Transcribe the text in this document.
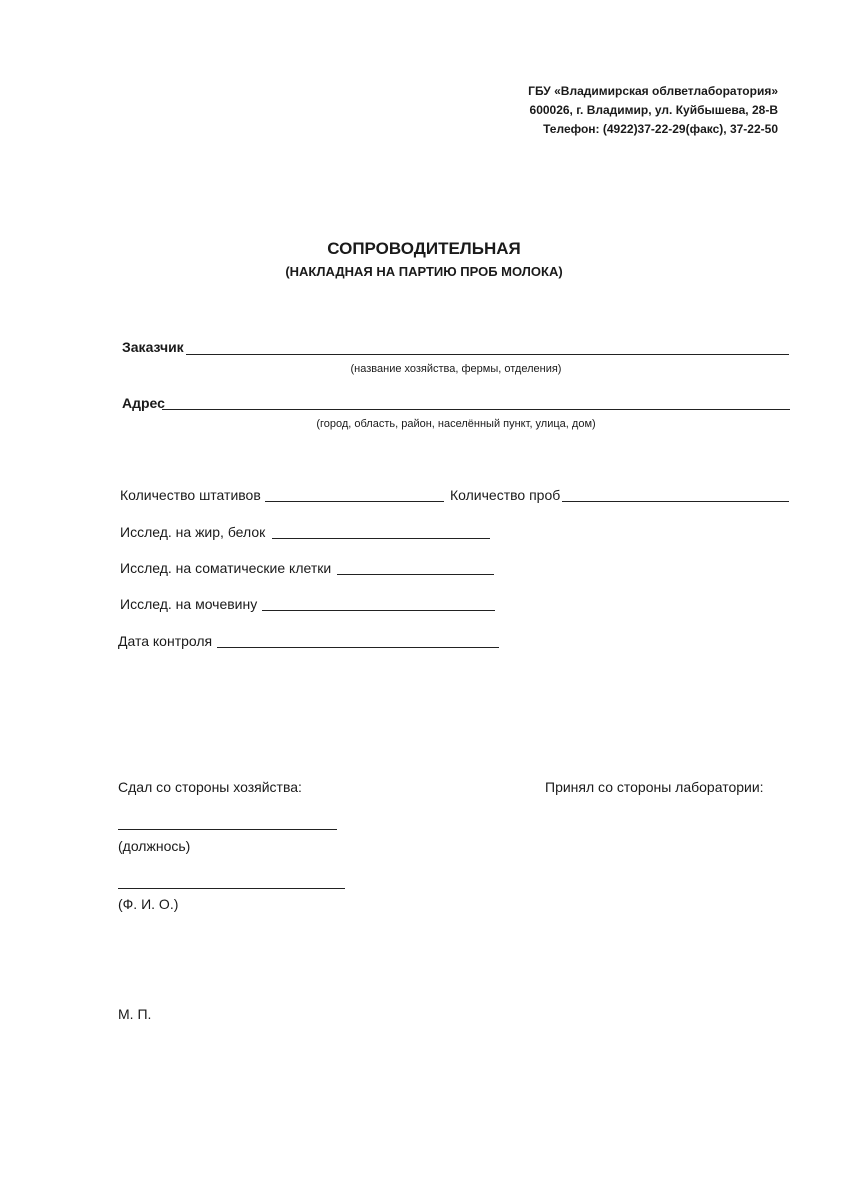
ГБУ «Владимирская облветлаборатория»
600026, г. Владимир, ул. Куйбышева, 28-В
Телефон: (4922)37-22-29(факс), 37-22-50
СОПРОВОДИТЕЛЬНАЯ
(НАКЛАДНАЯ НА ПАРТИЮ ПРОБ МОЛОКА)
Заказчик
(название хозяйства, фермы, отделения)
Адрес
(город, область, район, населённый пункт, улица, дом)
Количество штативов	Количество проб
Исслед. на жир, белок
Исслед. на соматические клетки
Исслед. на мочевину
Дата контроля
Сдал со стороны хозяйства:	Принял со стороны лаборатории:
(должнось)
(Ф. И. О.)
М. П.
